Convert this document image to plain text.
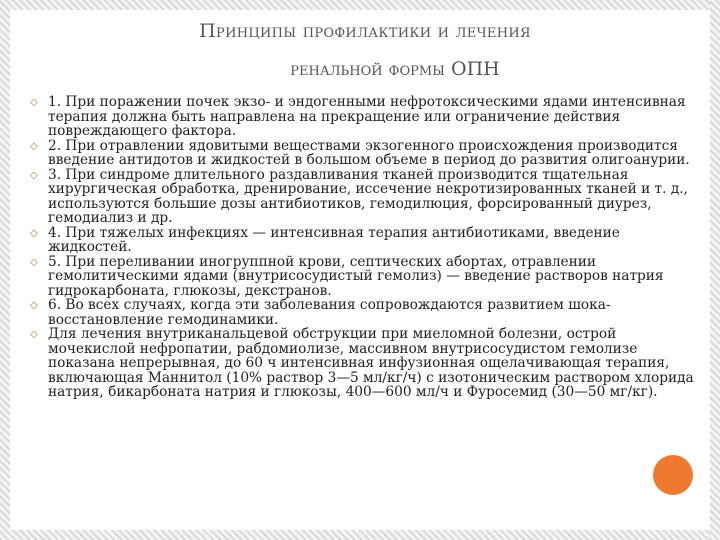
Принципы профилактики и лечения
ренальной формы ОПН
◇ 1. При поражении почек экзо- и эндогенными нефротоксическими ядами интенсивная терапия должна быть направлена на прекращение или ограничение действия повреждающего фактора.
◇ 2. При отравлении ядовитыми веществами экзогенного происхождения производится введение антидотов и жидкостей в большом объеме в период до развития олигоанурии.
◇ 3. При синдроме длительного раздавливания тканей производится тщательная хирургическая обработка, дренирование, иссечение некротизированных тканей и т. д., используются большие дозы антибиотиков, гемодилюция, форсированный диурез, гемодиализ и др.
◇ 4. При тяжелых инфекциях — интенсивная терапия антибиотиками, введение жидкостей.
◇ 5. При переливании иногруппной крови, септических абортах, отравлении гемолитическими ядами (внутрисосудистый гемолиз) — введение растворов натрия гидрокарбоната, глюкозы, декстранов.
◇ 6. Во всех случаях, когда эти заболевания сопровождаются развитием шока- восстановление гемодинамики.
◇ Для лечения внутриканальцевой обструкции при миеломной болезни, острой мочекислой нефропатии, рабдомиолизе, массивном внутрисосудистом гемолизе показана непрерывная, до 60 ч интенсивная инфузионная ощелачивающая терапия, включающая Маннитол (10% раствор 3—5 мл/кг/ч) с изотоническим раствором хлорида натрия, бикарбоната натрия и глюкозы, 400—600 мл/ч и Фуросемид (30—50 мг/кг).
